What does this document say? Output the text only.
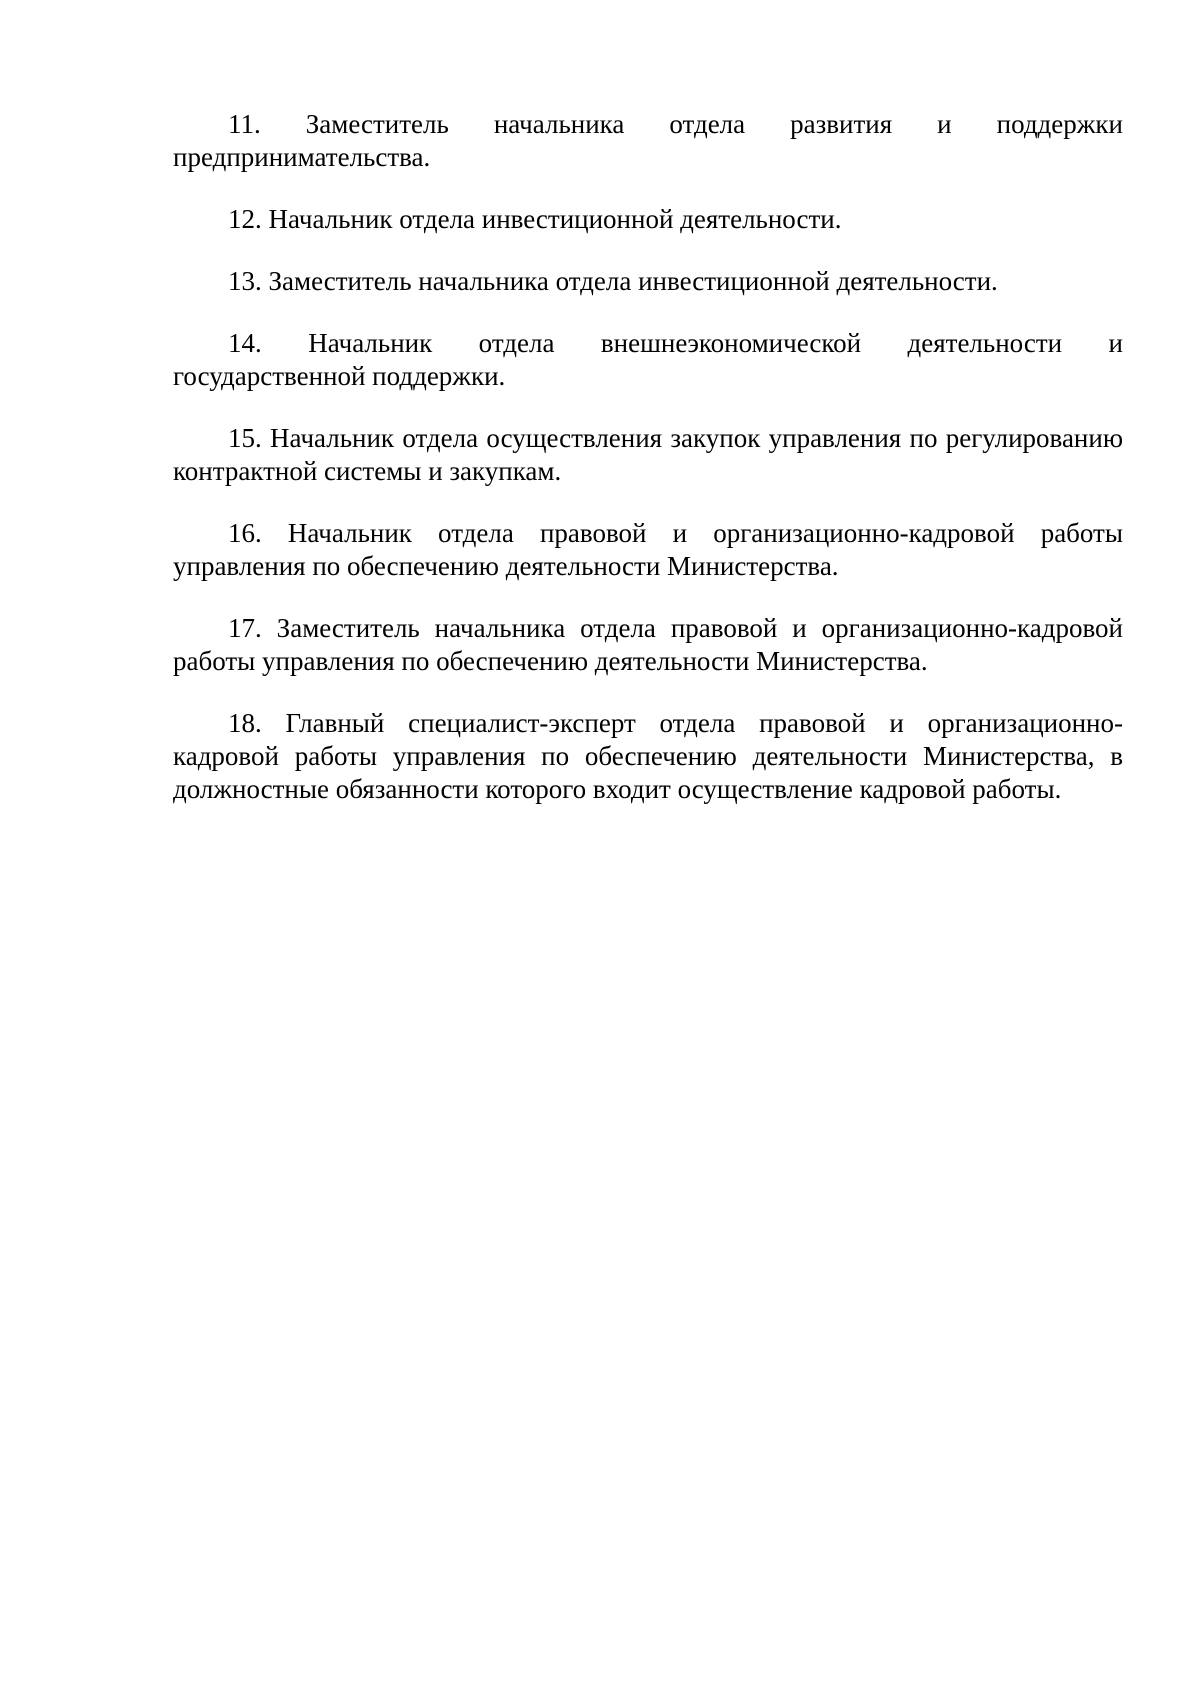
11. Заместитель начальника отдела развития и поддержки предпринимательства.

12. Начальник отдела инвестиционной деятельности.

13. Заместитель начальника отдела инвестиционной деятельности.

14. Начальник отдела внешнеэкономической деятельности и государственной поддержки.

15. Начальник отдела осуществления закупок управления по регулированию контрактной системы и закупкам.

16. Начальник отдела правовой и организационно-кадровой работы управления по обеспечению деятельности Министерства.

17. Заместитель начальника отдела правовой и организационно-кадровой работы управления по обеспечению деятельности Министерства.

18. Главный специалист-эксперт отдела правовой и организационно-кадровой работы управления по обеспечению деятельности Министерства, в должностные обязанности которого входит осуществление кадровой работы.
